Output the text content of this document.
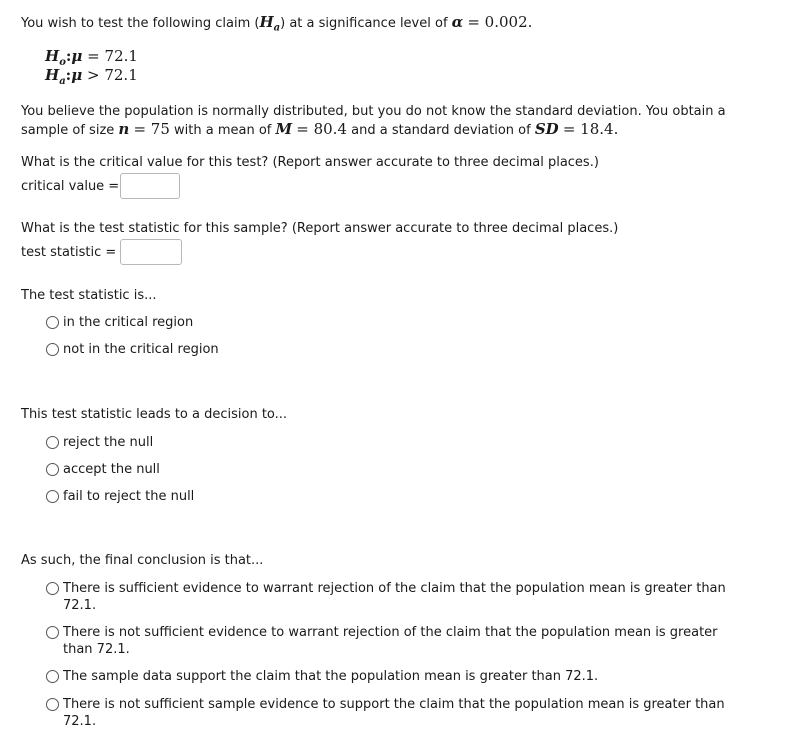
You wish to test the following claim $(H_a)$ at a significance level of α = 0.002.
$H_o:\mu = 72.1$
$H_a:\mu > 72.1$
You believe the population is normally distributed, but you do not know the standard deviation. You obtain a
sample of size n = 75 with a mean of M = 80.4 and a standard deviation of SD = 18.4.
What is the critical value for this test? (Report answer accurate to three decimal places.)
critical value =
What is the test statistic for this sample? (Report answer accurate to three decimal places.)
test statistic =
The test statistic is...
in the critical region
not in the critical region
This test statistic leads to a decision to...
reject the null
accept the null
fail to reject the null
As such, the final conclusion is that...
There is sufficient evidence to warrant rejection of the claim that the population mean is greater than 72.1.
There is not sufficient evidence to warrant rejection of the claim that the population mean is greater than 72.1.
The sample data support the claim that the population mean is greater than 72.1.
There is not sufficient sample evidence to support the claim that the population mean is greater than 72.1.
